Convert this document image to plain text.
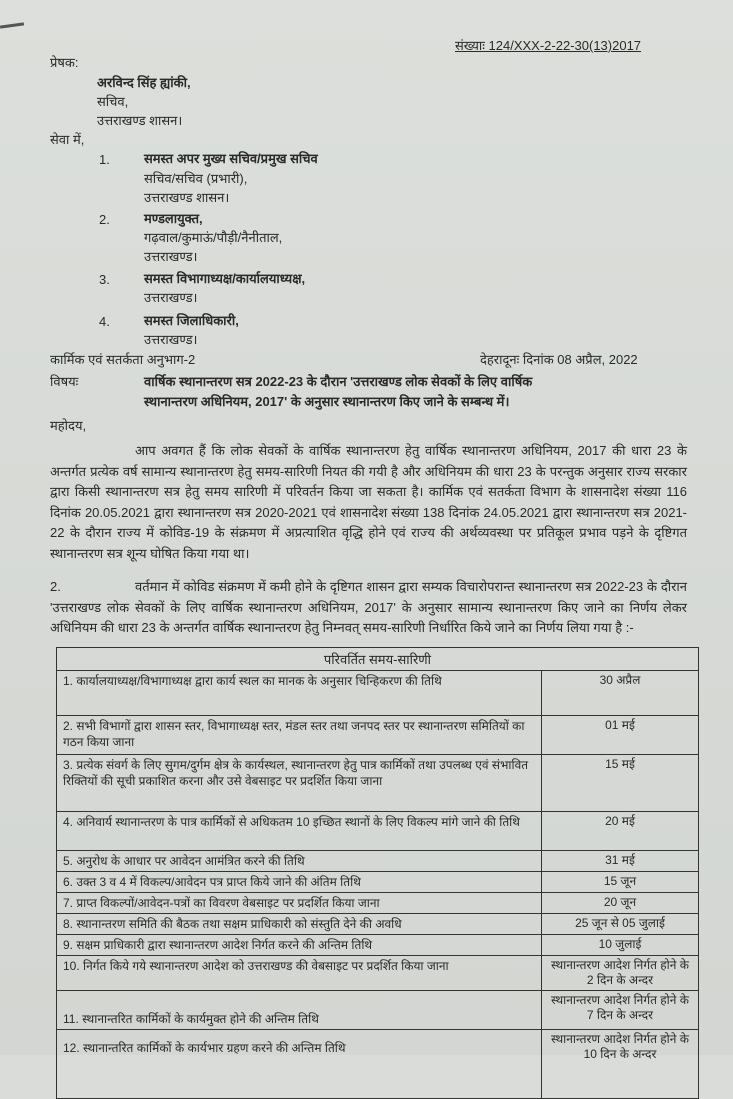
संख्याः 124/XXX-2-22-30(13)2017
प्रेषक:
अरविन्द सिंह ह्यांकी,
सचिव,
उत्तराखण्ड शासन।
सेवा में,
1.	समस्त अपर मुख्य सचिव/प्रमुख सचिव
सचिव/सचिव (प्रभारी),
उत्तराखण्ड शासन।
2.	मण्डलायुक्त,
गढ़वाल/कुमाऊं/पौड़ी/नैनीताल,
उत्तराखण्ड।
3.	समस्त विभागाध्यक्ष/कार्यालयाध्यक्ष,
उत्तराखण्ड।
4.	समस्त जिलाधिकारी,
उत्तराखण्ड।
कार्मिक एवं सतर्कता अनुभाग-2	देहरादूनः दिनांक 08 अप्रैल, 2022
विषयः	वार्षिक स्थानान्तरण सत्र 2022-23 के दौरान 'उत्तराखण्ड लोक सेवकों के लिए वार्षिक
स्थानान्तरण अधिनियम, 2017' के अनुसार स्थानान्तरण किए जाने के सम्बन्ध में।
महोदय,
आप अवगत हैं कि लोक सेवकों के वार्षिक स्थानान्तरण हेतु वार्षिक स्थानान्तरण अधिनियम, 2017 की धारा 23 के अन्तर्गत प्रत्येक वर्ष सामान्य स्थानान्तरण हेतु समय-सारिणी नियत की गयी है और अधिनियम की धारा 23 के परन्तुक अनुसार राज्य सरकार द्वारा किसी स्थानान्तरण सत्र हेतु समय सारिणी में परिवर्तन किया जा सकता है। कार्मिक एवं सतर्कता विभाग के शासनादेश संख्या 116 दिनांक 20.05.2021 द्वारा स्थानान्तरण सत्र 2020-2021 एवं शासनादेश संख्या 138 दिनांक 24.05.2021 द्वारा स्थानान्तरण सत्र 2021-22 के दौरान राज्य में कोविड-19 के संक्रमण में अप्रत्याशित वृद्धि होने एवं राज्य की अर्थव्यवस्था पर प्रतिकूल प्रभाव पड़ने के दृष्टिगत स्थानान्तरण सत्र शून्य घोषित किया गया था।
2.	वर्तमान में कोविड संक्रमण में कमी होने के दृष्टिगत शासन द्वारा सम्यक विचारोपरान्त स्थानान्तरण सत्र 2022-23 के दौरान 'उत्तराखण्ड लोक सेवकों के लिए वार्षिक स्थानान्तरण अधिनियम, 2017' के अनुसार सामान्य स्थानान्तरण किए जाने का निर्णय लेकर अधिनियम की धारा 23 के अन्तर्गत वार्षिक स्थानान्तरण हेतु निम्नवत् समय-सारिणी निर्धारित किये जाने का निर्णय लिया गया है :-
परिवर्तित समय-सारिणी	
1. कार्यालयाध्यक्ष/विभागाध्यक्ष द्वारा कार्य स्थल का मानक के अनुसार चिन्हिकरण की तिथि	30 अप्रैल
2. सभी विभागों द्वारा शासन स्तर, विभागाध्यक्ष स्तर, मंडल स्तर तथा जनपद स्तर पर स्थानान्तरण समितियों का गठन किया जाना	01 मई
3. प्रत्येक संवर्ग के लिए सुगम/दुर्गम क्षेत्र के कार्यस्थल, स्थानान्तरण हेतु पात्र कार्मिकों तथा उपलब्ध एवं संभावित रिक्तियों की सूची प्रकाशित करना और उसे वेबसाइट पर प्रदर्शित किया जाना	15 मई
4. अनिवार्य स्थानान्तरण के पात्र कार्मिकों से अधिकतम 10 इच्छित स्थानों के लिए विकल्प मांगे जाने की तिथि	20 मई
5. अनुरोध के आधार पर आवेदन आमंत्रित करने की तिथि	31 मई
6. उक्त 3 व 4 में विकल्प/आवेदन पत्र प्राप्त किये जाने की अंतिम तिथि	15 जून
7. प्राप्त विकल्पों/आवेदन-पत्रों का विवरण वेबसाइट पर प्रदर्शित किया जाना	20 जून
8. स्थानान्तरण समिति की बैठक तथा सक्षम प्राधिकारी को संस्तुति देने की अवधि	25 जून से 05 जुलाई
9. सक्षम प्राधिकारी द्वारा स्थानान्तरण आदेश निर्गत करने की अन्तिम तिथि	10 जुलाई
10. निर्गत किये गये स्थानान्तरण आदेश को उत्तराखण्ड की वेबसाइट पर प्रदर्शित किया जाना	स्थानान्तरण आदेश निर्गत होने के 2 दिन के अन्दर
11. स्थानान्तरित कार्मिकों के कार्यमुक्त होने की अन्तिम तिथि	स्थानान्तरण आदेश निर्गत होने के 7 दिन के अन्दर
12. स्थानान्तरित कार्मिकों के कार्यभार ग्रहण करने की अन्तिम तिथि	स्थानान्तरण आदेश निर्गत होने के 10 दिन के अन्दर
